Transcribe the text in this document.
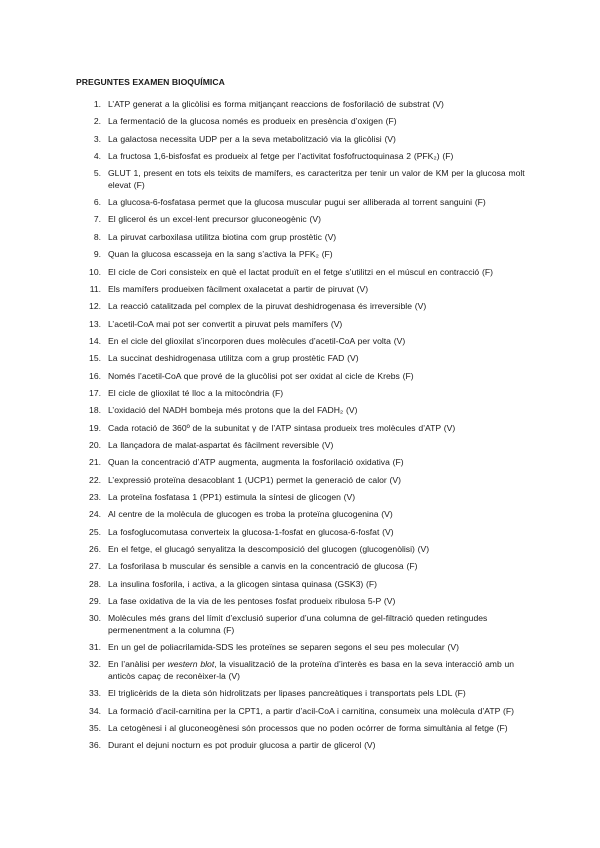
PREGUNTES EXAMEN BIOQUÍMICA
1. L’ATP generat a la glicòlisi es forma mitjançant reaccions de fosforilació de substrat (V)
2. La fermentació de la glucosa només es produeix en presència d’oxigen (F)
3. La galactosa necessita UDP per a la seva metabolització via la glicòlisi (V)
4. La fructosa 1,6-bisfosfat es produeix al fetge per l’activitat fosfofructoquinasa 2 (PFK₂) (F)
5. GLUT 1, present en tots els teixits de mamífers, es caracteritza per tenir un valor de KM per la glucosa molt elevat (F)
6. La glucosa-6-fosfatasa permet que la glucosa muscular pugui ser alliberada al torrent sanguini (F)
7. El glicerol és un excel·lent precursor gluconeogènic (V)
8. La piruvat carboxilasa utilitza biotina com grup prostètic (V)
9. Quan la glucosa escasseja en la sang s’activa la PFK₂ (F)
10. El cicle de Cori consisteix en què el lactat produït en el fetge s’utilitzi en el múscul en contracció (F)
11. Els mamífers produeixen fàcilment oxalacetat a partir de piruvat (V)
12. La reacció catalitzada pel complex de la piruvat deshidrogenasa és irreversible (V)
13. L’acetil-CoA mai pot ser convertit a piruvat pels mamífers (V)
14. En el cicle del glioxilat s’incorporen dues molècules d’acetil-CoA per volta (V)
15. La succinat deshidrogenasa utilitza com a grup prostètic FAD (V)
16. Només l’acetil-CoA que prové de la glucòlisi pot ser oxidat al cicle de Krebs (F)
17. El cicle de glioxilat té lloc a la mitocòndria (F)
18. L’oxidació del NADH bombeja més protons que la del FADH₂ (V)
19. Cada rotació de 360º de la subunitat γ de l’ATP sintasa produeix tres molècules d’ATP (V)
20. La llançadora de malat-aspartat és fàcilment reversible (V)
21. Quan la concentració d’ATP augmenta, augmenta la fosforilació oxidativa (F)
22. L’expressió proteïna desacoblant 1 (UCP1) permet la generació de calor (V)
23. La proteïna fosfatasa 1 (PP1) estimula la síntesi de glicogen (V)
24. Al centre de la molècula de glucogen es troba la proteïna glucogenina (V)
25. La fosfoglucomutasa converteix la glucosa-1-fosfat en glucosa-6-fosfat (V)
26. En el fetge, el glucagó senyalitza la descomposició del glucogen (glucogenòlisi) (V)
27. La fosforilasa b muscular és sensible a canvis en la concentració de glucosa (F)
28. La insulina fosforila, i activa, a la glicogen sintasa quinasa (GSK3) (F)
29. La fase oxidativa de la via de les pentoses fosfat produeix ribulosa 5-P (V)
30. Molècules més grans del límit d’exclusió superior d’una columna de gel-filtració queden retingudes permenentment a la columna (F)
31. En un gel de poliacrilamida-SDS les proteïnes se separen segons el seu pes molecular (V)
32. En l’anàlisi per western blot, la visualització de la proteïna d’interès es basa en la seva interacció amb un anticòs capaç de reconèixer-la (V)
33. El triglicèrids de la dieta són hidrolitzats per lipases pancreàtiques i transportats pels LDL (F)
34. La formació d’acil-carnitina per la CPT1, a partir d’acil-CoA i carnitina, consumeix una molècula d’ATP (F)
35. La cetogènesi i al gluconeogènesi són processos que no poden ocórrer de forma simultània al fetge (F)
36. Durant el dejuni nocturn es pot produir glucosa a partir de glicerol (V)
